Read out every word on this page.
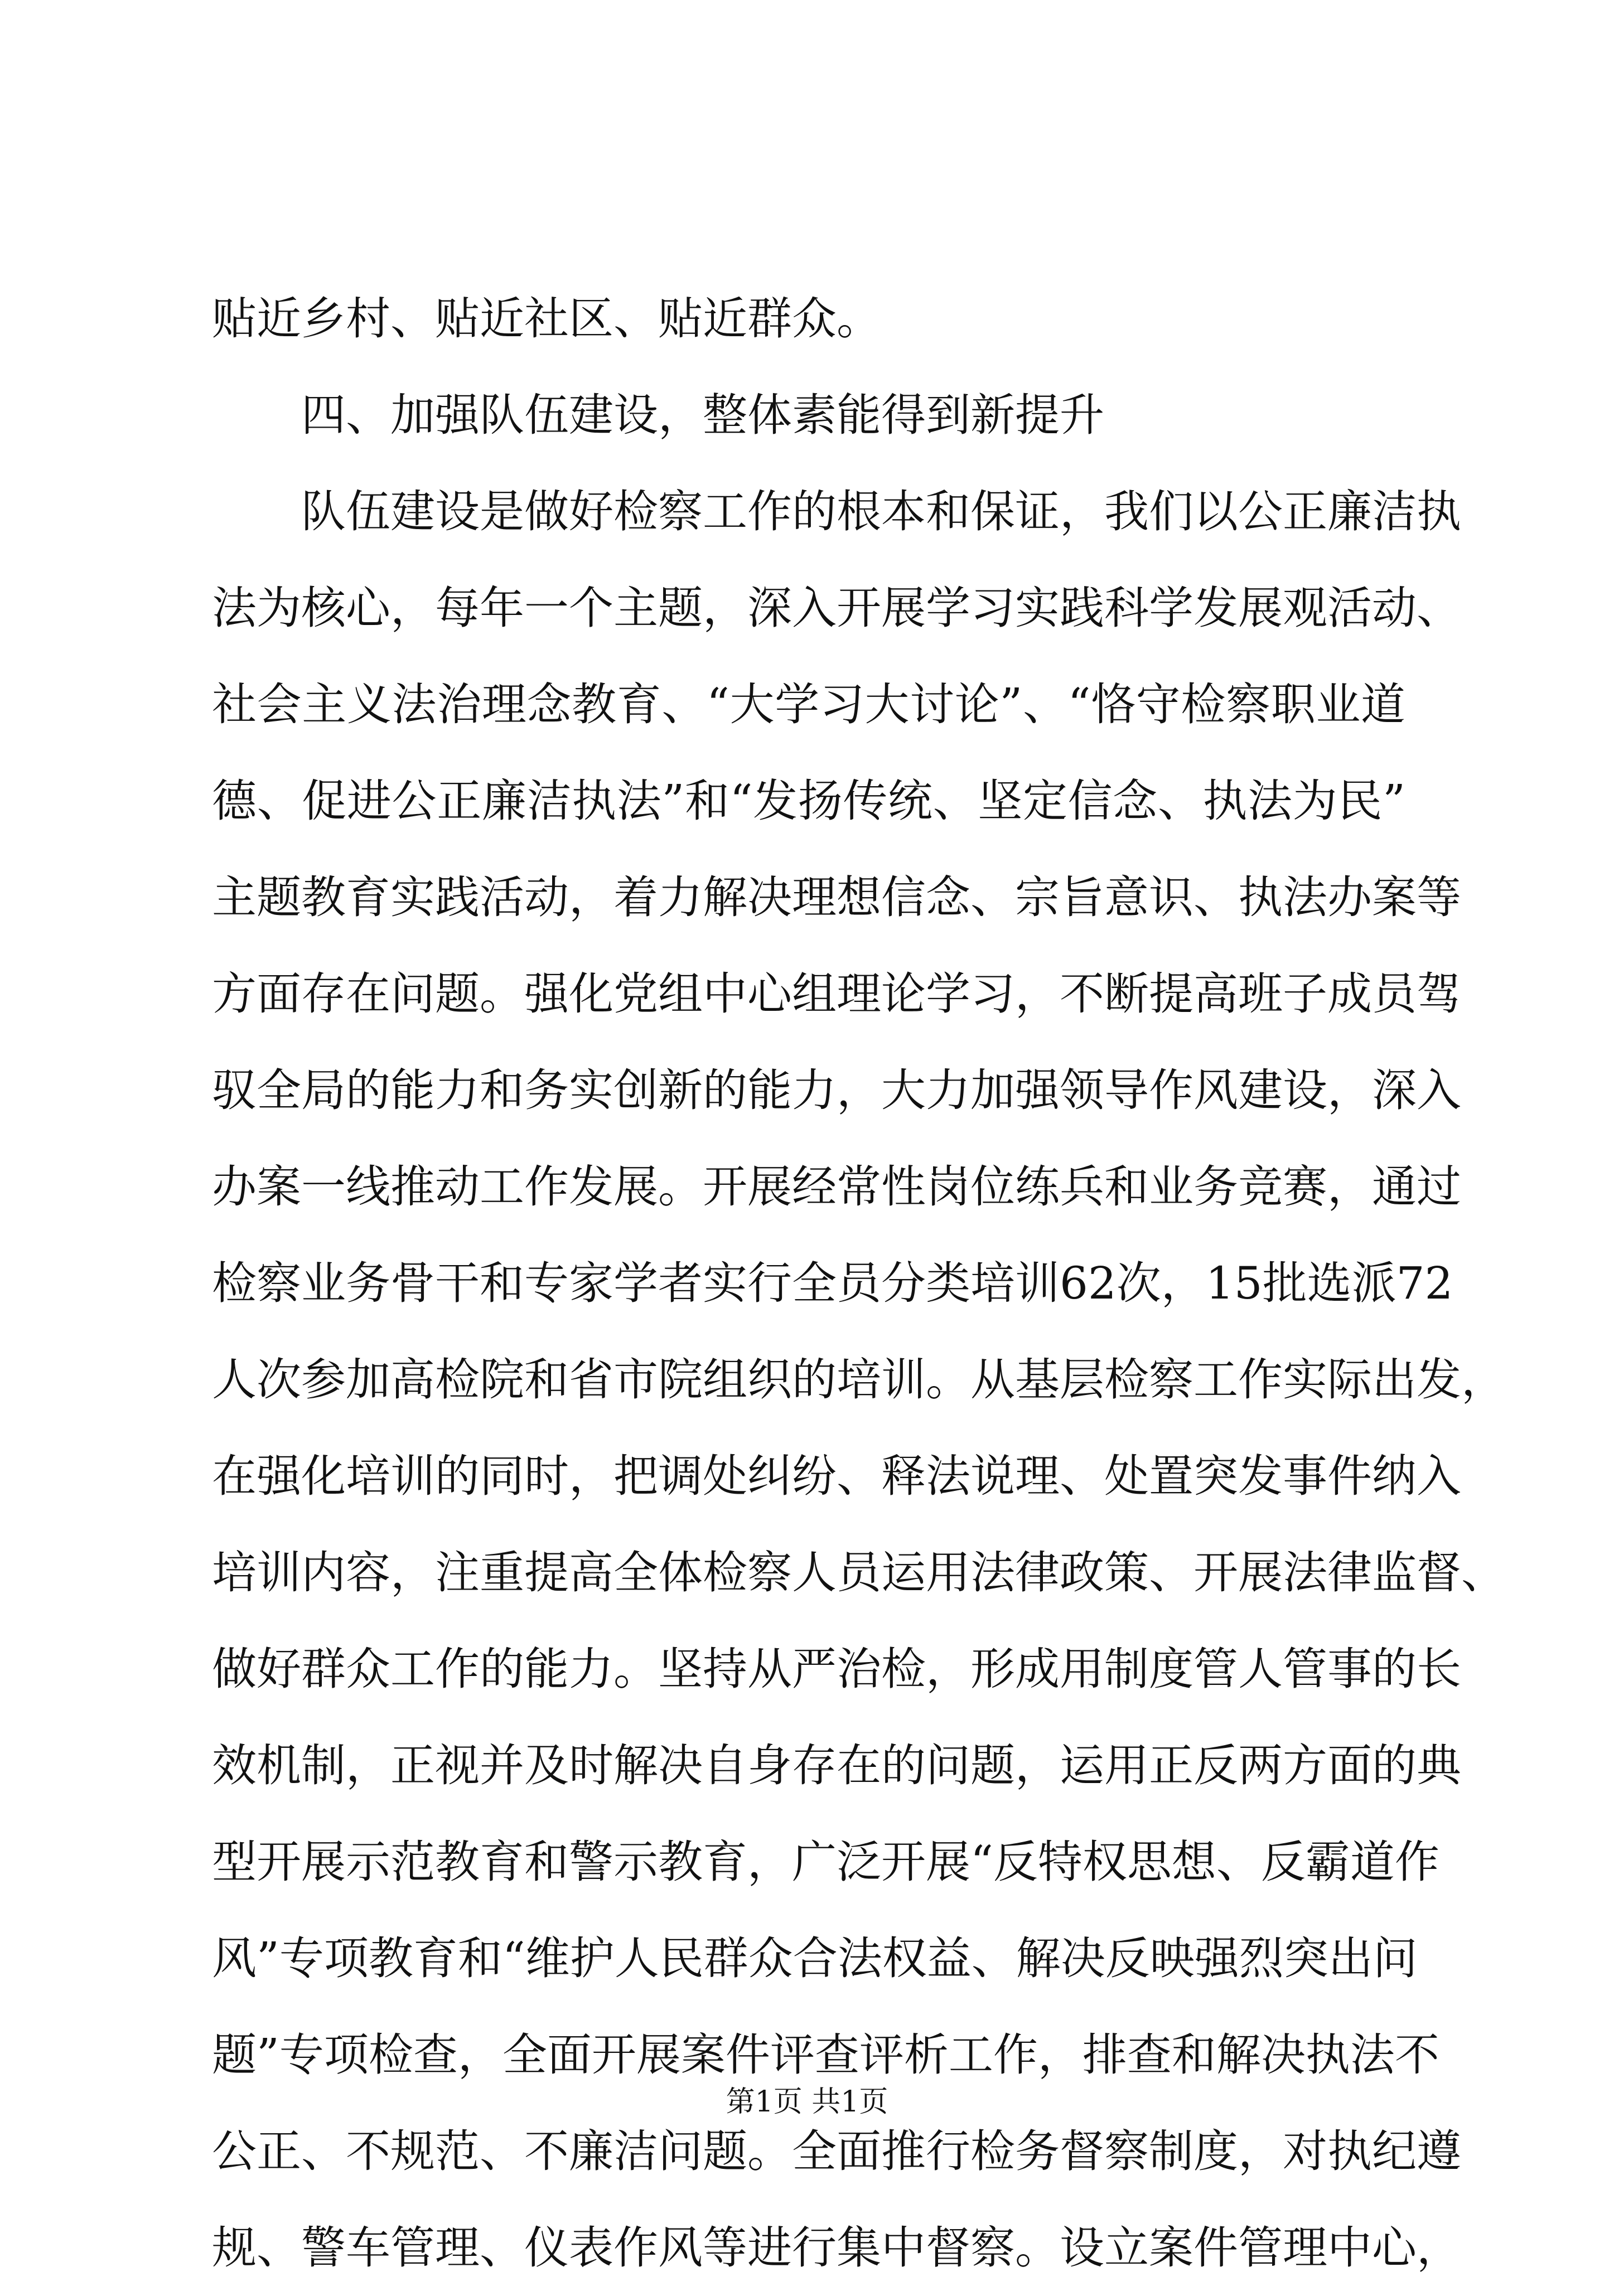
贴近乡村、贴近社区、贴近群众。
四、加强队伍建设，整体素能得到新提升
队伍建设是做好检察工作的根本和保证，我们以公正廉洁执
法为核心，每年一个主题，深入开展学习实践科学发展观活动、
社会主义法治理念教育、“大学习大讨论”、“恪守检察职业道
德、促进公正廉洁执法”和“发扬传统、坚定信念、执法为民”
主题教育实践活动，着力解决理想信念、宗旨意识、执法办案等
方面存在问题。强化党组中心组理论学习，不断提高班子成员驾
驭全局的能力和务实创新的能力，大力加强领导作风建设，深入
办案一线推动工作发展。开展经常性岗位练兵和业务竞赛，通过
检察业务骨干和专家学者实行全员分类培训62次，15批选派72
人次参加高检院和省市院组织的培训。从基层检察工作实际出发，
在强化培训的同时，把调处纠纷、释法说理、处置突发事件纳入
培训内容，注重提高全体检察人员运用法律政策、开展法律监督、
做好群众工作的能力。坚持从严治检，形成用制度管人管事的长
效机制，正视并及时解决自身存在的问题，运用正反两方面的典
型开展示范教育和警示教育，广泛开展“反特权思想、反霸道作
风”专项教育和“维护人民群众合法权益、解决反映强烈突出问
题”专项检查，全面开展案件评查评析工作，排查和解决执法不
公正、不规范、不廉洁问题。全面推行检务督察制度，对执纪遵
规、警车管理、仪表作风等进行集中督察。设立案件管理中心，
第1页 共1页
